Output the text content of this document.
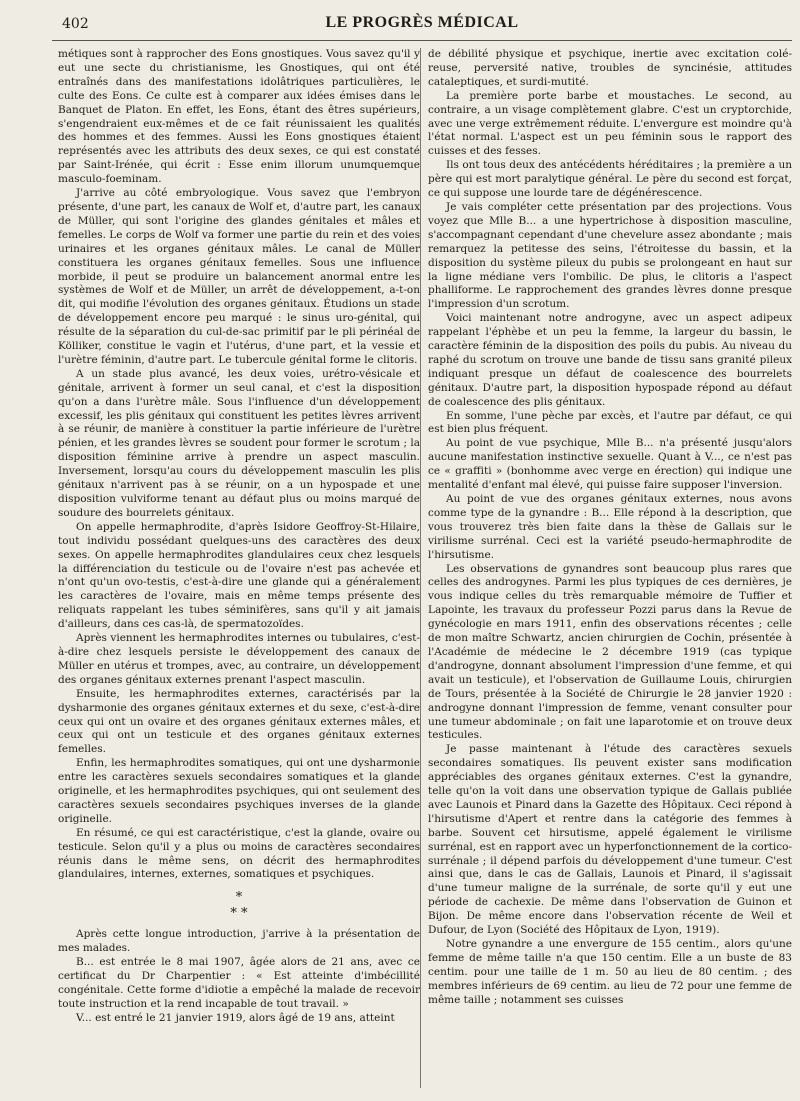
402	LE PROGRÈS MÉDICAL

métiques sont à rapprocher des Eons gnostiques. Vous savez qu'il y eut une secte du christianisme, les Gnostiques, qui ont été entraînés dans des manifestations idolâtriques particulières, le culte des Eons. Ce culte est à comparer aux idées émises dans le Banquet de Platon. En effet, les Eons, étant des êtres supérieurs, s'engendraient eux-mêmes et de ce fait réunissaient les qualités des hommes et des femmes. Aussi les Eons gnostiques étaient représentés avec les attributs des deux sexes, ce qui est constaté par Saint-Irénée, qui écrit : Esse enim illorum unumquemque masculo-foeminam.

J'arrive au côté embryologique. Vous savez que l'embryon présente, d'une part, les canaux de Wolf et, d'autre part, les canaux de Müller, qui sont l'origine des glandes génitales et mâles et femelles. Le corps de Wolf va former une partie du rein et des voies urinaires et les organes génitaux mâles. Le canal de Müller constituera les organes génitaux femelles. Sous une influence morbide, il peut se produire un balancement anormal entre les systèmes de Wolf et de Müller, un arrêt de développement, a-t-on dit, qui modifie l'évolution des organes génitaux. Étudions un stade de développement encore peu marqué : le sinus uro-génital, qui résulte de la séparation du cul-de-sac primitif par le pli périnéal de Kölliker, constitue le vagin et l'utérus, d'une part, et la vessie et l'urètre féminin, d'autre part. Le tubercule génital forme le clitoris.

A un stade plus avancé, les deux voies, urétro-vésicale et génitale, arrivent à former un seul canal, et c'est la disposition qu'on a dans l'urètre mâle. Sous l'influence d'un développement excessif, les plis génitaux qui constituent les petites lèvres arrivent à se réunir, de manière à constituer la partie inférieure de l'urètre pénien, et les grandes lèvres se soudent pour former le scrotum ; la disposition féminine arrive à prendre un aspect masculin. Inversement, lorsqu'au cours du développement masculin les plis génitaux n'arrivent pas à se réunir, on a un hypospade et une disposition vulviforme tenant au défaut plus ou moins marqué de soudure des bourrelets génitaux.

On appelle hermaphrodite, d'après Isidore Geoffroy-St-Hilaire, tout individu possédant quelques-uns des caractères des deux sexes. On appelle hermaphrodites glandulaires ceux chez lesquels la différenciation du testicule ou de l'ovaire n'est pas achevée et n'ont qu'un ovo-testis, c'est-à-dire une glande qui a généralement les caractères de l'ovaire, mais en même temps présente des reliquats rappelant les tubes séminifères, sans qu'il y ait jamais d'ailleurs, dans ces cas-là, de spermatozoïdes.

Après viennent les hermaphrodites internes ou tubulaires, c'est-à-dire chez lesquels persiste le développement des canaux de Müller en utérus et trompes, avec, au contraire, un développement des organes génitaux externes prenant l'aspect masculin.

Ensuite, les hermaphrodites externes, caractérisés par la dysharmonie des organes génitaux externes et du sexe, c'est-à-dire ceux qui ont un ovaire et des organes génitaux externes mâles, et ceux qui ont un testicule et des organes génitaux externes femelles.

Enfin, les hermaphrodites somatiques, qui ont une dysharmonie entre les caractères sexuels secondaires somatiques et la glande originelle, et les hermaphrodites psychiques, qui ont seulement des caractères sexuels secondaires psychiques inverses de la glande originelle.

En résumé, ce qui est caractéristique, c'est la glande, ovaire ou testicule. Selon qu'il y a plus ou moins de caractères secondaires réunis dans le même sens, on décrit des hermaphrodites glandulaires, internes, externes, somatiques et psychiques.

*
* *

Après cette longue introduction, j'arrive à la présentation de mes malades.

B... est entrée le 8 mai 1907, âgée alors de 21 ans, avec ce certificat du Dr Charpentier : « Est atteinte d'imbécillité congénitale. Cette forme d'idiotie a empêché la malade de recevoir toute instruction et la rend incapable de tout travail. »

V... est entré le 21 janvier 1919, alors âgé de 19 ans, atteint

de débilité physique et psychique, inertie avec excitation colé-reuse, perversité native, troubles de syncinésie, attitudes cataleptiques, et surdi-mutité.

La première porte barbe et moustaches. Le second, au contraire, a un visage complètement glabre. C'est un cryptorchide, avec une verge extrêmement réduite. L'envergure est moindre qu'à l'état normal. L'aspect est un peu féminin sous le rapport des cuisses et des fesses.

Ils ont tous deux des antécédents héréditaires ; la première a un père qui est mort paralytique général. Le père du second est forçat, ce qui suppose une lourde tare de dégénérescence.

Je vais compléter cette présentation par des projections. Vous voyez que Mlle B... a une hypertrichose à disposition masculine, s'accompagnant cependant d'une chevelure assez abondante ; mais remarquez la petitesse des seins, l'étroitesse du bassin, et la disposition du système pileux du pubis se prolongeant en haut sur la ligne médiane vers l'ombilic. De plus, le clitoris a l'aspect phalliforme. Le rapprochement des grandes lèvres donne presque l'impression d'un scrotum.

Voici maintenant notre androgyne, avec un aspect adipeux rappelant l'éphèbe et un peu la femme, la largeur du bassin, le caractère féminin de la disposition des poils du pubis. Au niveau du raphé du scrotum on trouve une bande de tissu sans granité pileux indiquant presque un défaut de coalescence des bourrelets génitaux. D'autre part, la disposition hypospade répond au défaut de coalescence des plis génitaux.

En somme, l'une pèche par excès, et l'autre par défaut, ce qui est bien plus fréquent.

Au point de vue psychique, Mlle B... n'a présenté jusqu'alors aucune manifestation instinctive sexuelle. Quant à V..., ce n'est pas ce « graffiti » (bonhomme avec verge en érection) qui indique une mentalité d'enfant mal élevé, qui puisse faire supposer l'inversion.

Au point de vue des organes génitaux externes, nous avons comme type de la gynandre : B... Elle répond à la description, que vous trouverez très bien faite dans la thèse de Gallais sur le virilisme surrénal. Ceci est la variété pseudo-hermaphrodite de l'hirsutisme.

Les observations de gynandres sont beaucoup plus rares que celles des androgynes. Parmi les plus typiques de ces dernières, je vous indique celles du très remarquable mémoire de Tuffier et Lapointe, les travaux du professeur Pozzi parus dans la Revue de gynécologie en mars 1911, enfin des observations récentes ; celle de mon maître Schwartz, ancien chirurgien de Cochin, présentée à l'Académie de médecine le 2 décembre 1919 (cas typique d'androgyne, donnant absolument l'impression d'une femme, et qui avait un testicule), et l'observation de Guillaume Louis, chirurgien de Tours, présentée à la Société de Chirurgie le 28 janvier 1920 : androgyne donnant l'impression de femme, venant consulter pour une tumeur abdominale ; on fait une laparotomie et on trouve deux testicules.

Je passe maintenant à l'étude des caractères sexuels secondaires somatiques. Ils peuvent exister sans modification appréciables des organes génitaux externes. C'est la gynandre, telle qu'on la voit dans une observation typique de Gallais publiée avec Launois et Pinard dans la Gazette des Hôpitaux. Ceci répond à l'hirsutisme d'Apert et rentre dans la catégorie des femmes à barbe. Souvent cet hirsutisme, appelé également le virilisme surrénal, est en rapport avec un hyperfonctionnement de la cortico-surrénale ; il dépend parfois du développement d'une tumeur. C'est ainsi que, dans le cas de Gallais, Launois et Pinard, il s'agissait d'une tumeur maligne de la surrénale, de sorte qu'il y eut une période de cachexie. De même dans l'observation de Guinon et Bijon. De même encore dans l'observation récente de Weil et Dufour, de Lyon (Société des Hôpitaux de Lyon, 1919).

Notre gynandre a une envergure de 155 centim., alors qu'une femme de même taille n'a que 150 centim. Elle a un buste de 83 centim. pour une taille de 1 m. 50 au lieu de 80 centim. ; des membres inférieurs de 69 centim. au lieu de 72 pour une femme de même taille ; notamment ses cuisses
